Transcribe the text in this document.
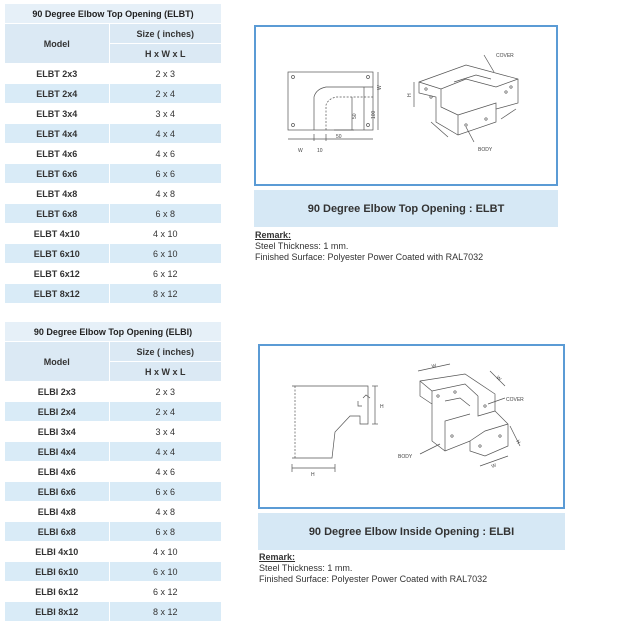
90 Degree Elbow Top Opening (ELBT)	
Model	Size ( inches)
	H x W x L
ELBT 2x3	2 x 3
ELBT 2x4	2 x 4
ELBT 3x4	3 x 4
ELBT 4x4	4 x 4
ELBT 4x6	4 x 6
ELBT 6x6	6 x 6
ELBT 4x8	4 x 8
ELBT 6x8	6 x 8
ELBT 4x10	4 x 10
ELBT 6x10	6 x 10
ELBT 6x12	6 x 12
ELBT 8x12	8 x 12
COVER
BODY
W	10
50
50	100
W
H
90 Degree Elbow Top Opening : ELBT
Remark:
Steel Thickness: 1 mm.
Finished Surface: Polyester Power Coated with RAL7032
90 Degree Elbow Top Opening (ELBI)	
Model	Size ( inches)
	H x W x L
ELBI 2x3	2 x 3
ELBI 2x4	2 x 4
ELBI 3x4	3 x 4
ELBI 4x4	4 x 4
ELBI 4x6	4 x 6
ELBI 6x6	6 x 6
ELBI 4x8	4 x 8
ELBI 6x8	6 x 8
ELBI 4x10	4 x 10
ELBI 6x10	6 x 10
ELBI 6x12	6 x 12
ELBI 8x12	8 x 12
COVER
BODY
H
H
W
W
W
H
90 Degree Elbow Inside Opening : ELBI
Remark:
Steel Thickness: 1 mm.
Finished Surface: Polyester Power Coated with RAL7032
